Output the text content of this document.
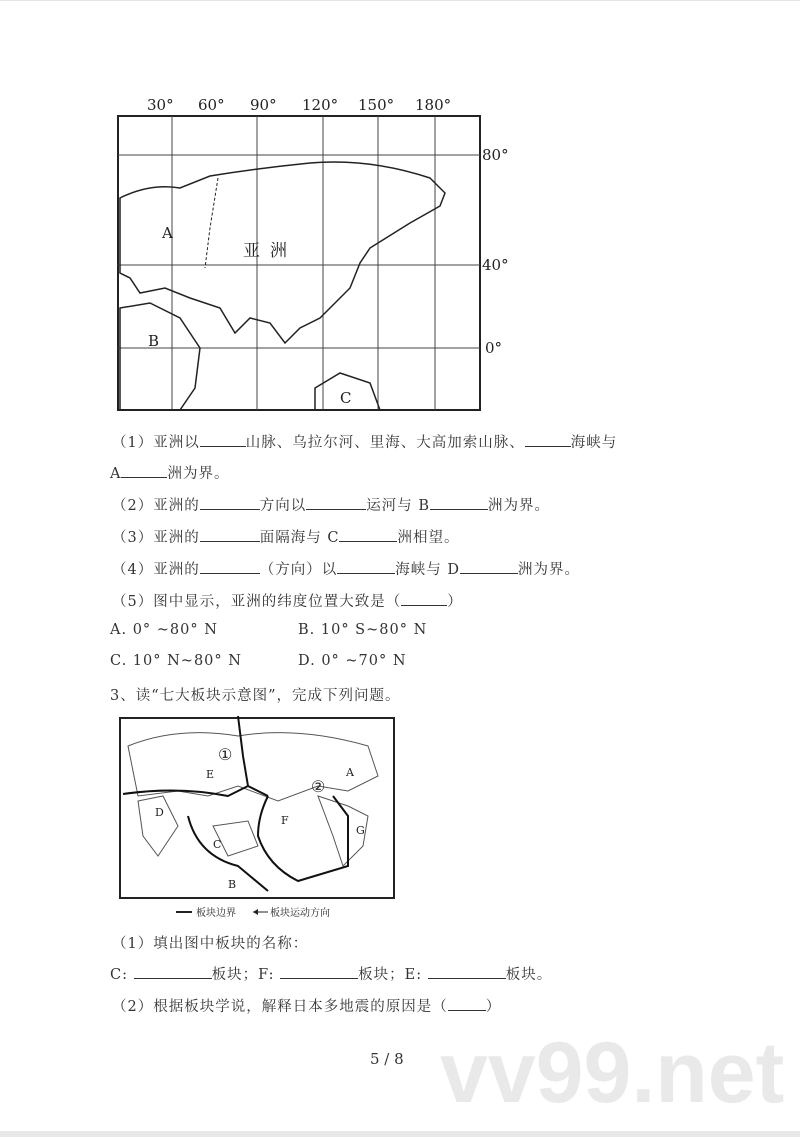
30° 60° 90° 120° 150° 180°
80°
40°
0°
亚洲
A
B
C
（1）亚洲以	山脉、乌拉尔河、里海、大高加索山脉、	海峡与
A	洲为界。
（2）亚洲的	方向以	运河与 B	洲为界。
（3）亚洲的	面隔海与 C	洲相望。
（4）亚洲的	（方向）以	海峡与 D	洲为界。
（5）图中显示，亚洲的纬度位置大致是（	）
A. 0° ~80° N	B. 10° S~80° N
C. 10° N~80° N	D. 0° ~70° N
3、读“七大板块示意图”，完成下列问题。
A
B
C
D
E
F
G
①
②
板块边界	板块运动方向
（1）填出图中板块的名称：
C:	板块；F:	板块；E:	板块。
（2）根据板块学说，解释日本多地震的原因是（	）
vv99.net
5 / 8
